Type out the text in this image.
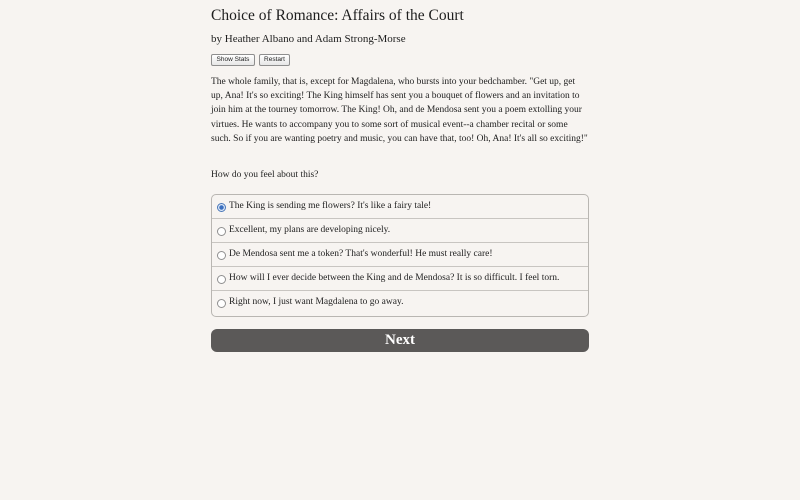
Choice of Romance: Affairs of the Court
by Heather Albano and Adam Strong-Morse
Show Stats	Restart

The whole family, that is, except for Magdalena, who bursts into your bedchamber. "Get up, get up, Ana! It's so exciting! The King himself has sent you a bouquet of flowers and an invitation to join him at the tourney tomorrow. The King! Oh, and de Mendosa sent you a poem extolling your virtues. He wants to accompany you to some sort of musical event--a chamber recital or some such. So if you are wanting poetry and music, you can have that, too! Oh, Ana! It's all so exciting!"

How do you feel about this?
The King is sending me flowers? It's like a fairy tale!
Excellent, my plans are developing nicely.
De Mendosa sent me a token? That's wonderful! He must really care!
How will I ever decide between the King and de Mendosa? It is so difficult. I feel torn.
Right now, I just want Magdalena to go away.
Next
